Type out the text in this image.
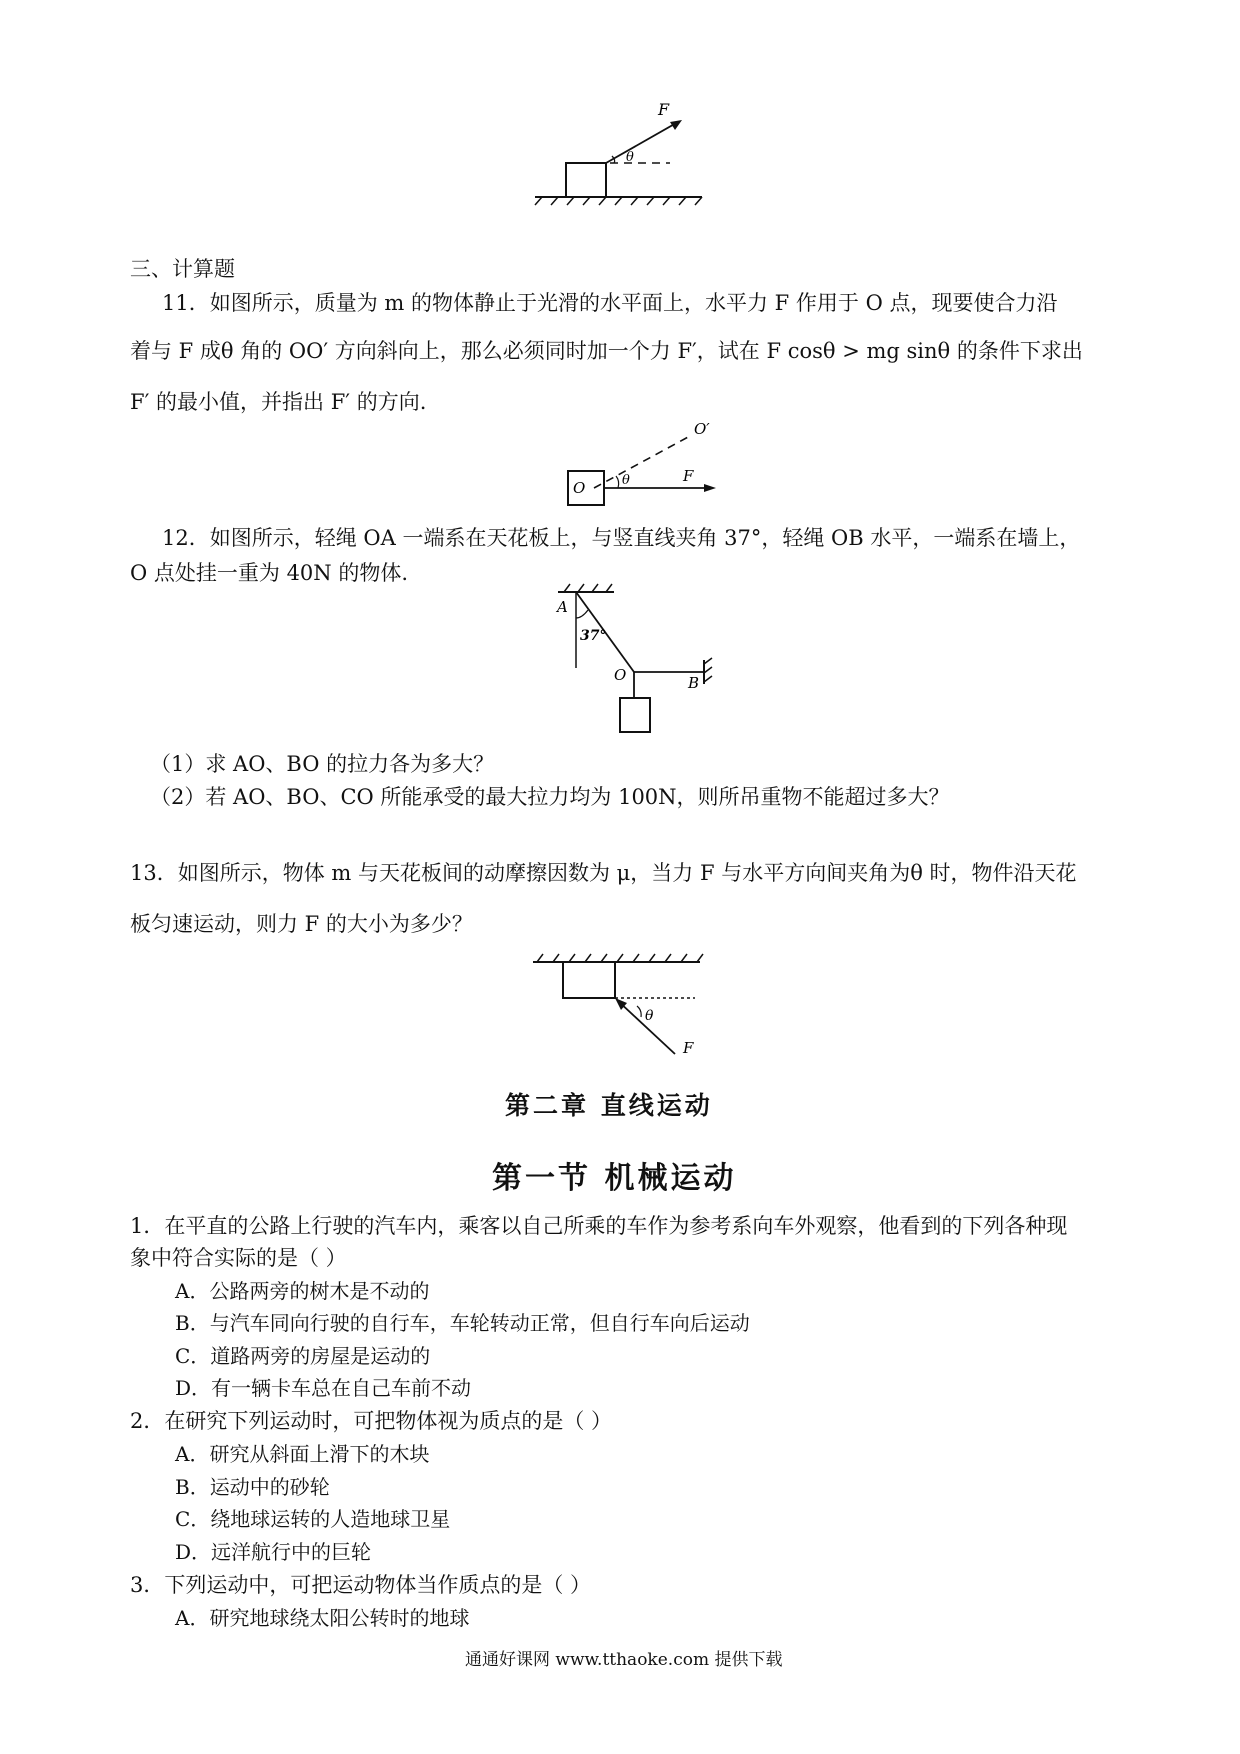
F
θ
三、计算题
11．如图所示，质量为 m 的物体静止于光滑的水平面上，水平力 F 作用于 O 点，现要使合力沿
着与 F 成θ 角的 OO′ 方向斜向上，那么必须同时加一个力 F′，试在 F cosθ > mg sinθ 的条件下求出
F′ 的最小值，并指出 F′ 的方向.
O
O′
θ	F
12．如图所示，轻绳 OA 一端系在天花板上，与竖直线夹角 37°，轻绳 OB 水平，一端系在墙上，
O 点处挂一重为 40N 的物体.
A
37°
O	B
（1）求 AO、BO 的拉力各为多大？
（2）若 AO、BO、CO 所能承受的最大拉力均为 100N，则所吊重物不能超过多大？
13．如图所示，物体 m 与天花板间的动摩擦因数为 μ，当力 F 与水平方向间夹角为θ 时，物件沿天花
板匀速运动，则力 F 的大小为多少？
θ
F
第二章 直线运动
第一节 机械运动
1．在平直的公路上行驶的汽车内，乘客以自己所乘的车作为参考系向车外观察，他看到的下列各种现
象中符合实际的是（ ）
A．公路两旁的树木是不动的
B．与汽车同向行驶的自行车，车轮转动正常，但自行车向后运动
C．道路两旁的房屋是运动的
D．有一辆卡车总在自己车前不动
2．在研究下列运动时，可把物体视为质点的是（ ）
A．研究从斜面上滑下的木块
B．运动中的砂轮
C．绕地球运转的人造地球卫星
D．远洋航行中的巨轮
3．下列运动中，可把运动物体当作质点的是（ ）
A．研究地球绕太阳公转时的地球
通通好课网 www.tthaoke.com 提供下载
